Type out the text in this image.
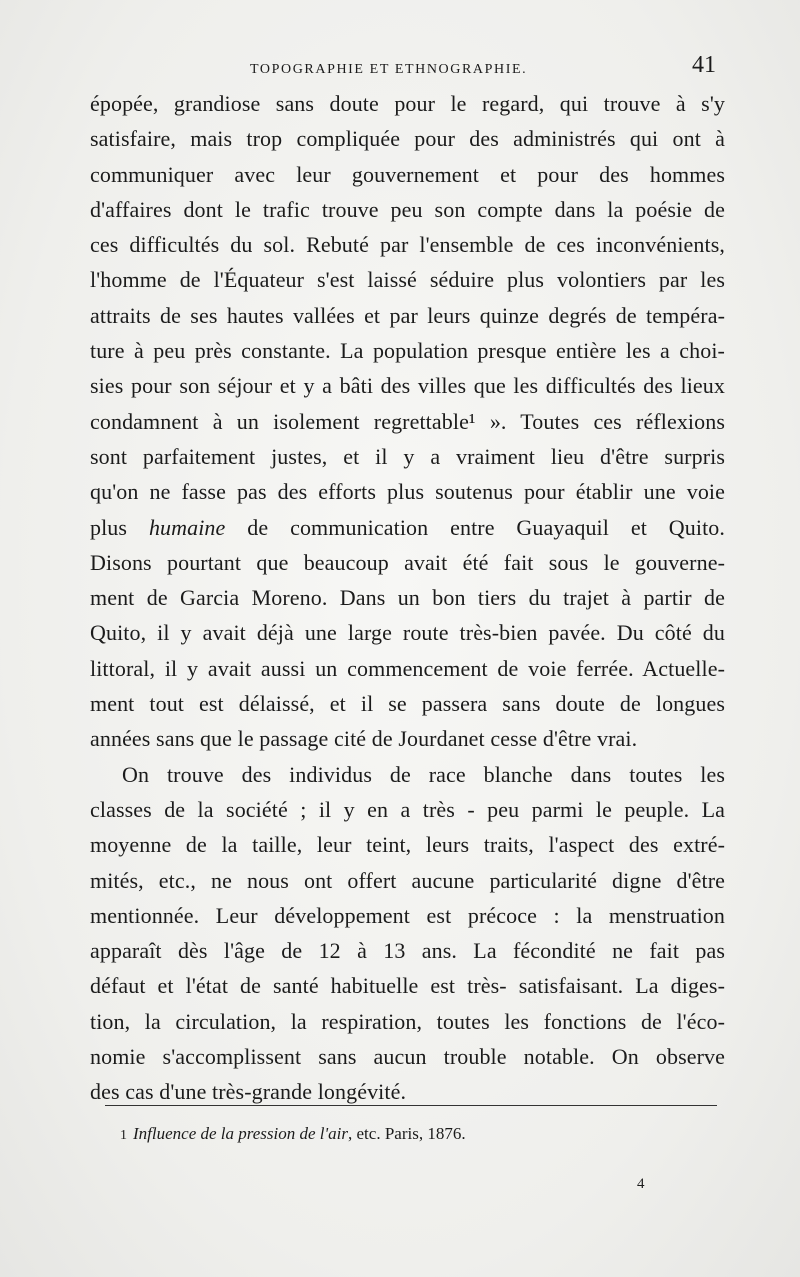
TOPOGRAPHIE ET ETHNOGRAPHIE.	41
épopée, grandiose sans doute pour le regard, qui trouve à s'y
satisfaire, mais trop compliquée pour des administrés qui ont à
communiquer avec leur gouvernement et pour des hommes
d'affaires dont le trafic trouve peu son compte dans la poésie de
ces difficultés du sol. Rebuté par l'ensemble de ces inconvénients,
l'homme de l'Équateur s'est laissé séduire plus volontiers par les
attraits de ses hautes vallées et par leurs quinze degrés de tempéra-
ture à peu près constante. La population presque entière les a choi-
sies pour son séjour et y a bâti des villes que les difficultés des lieux
condamnent à un isolement regrettable¹ ». Toutes ces réflexions
sont parfaitement justes, et il y a vraiment lieu d'être surpris
qu'on ne fasse pas des efforts plus soutenus pour établir une voie
plus humaine de communication entre Guayaquil et Quito.
Disons pourtant que beaucoup avait été fait sous le gouverne-
ment de Garcia Moreno. Dans un bon tiers du trajet à partir de
Quito, il y avait déjà une large route très-bien pavée. Du côté du
littoral, il y avait aussi un commencement de voie ferrée. Actuelle-
ment tout est délaissé, et il se passera sans doute de longues
années sans que le passage cité de Jourdanet cesse d'être vrai.
On trouve des individus de race blanche dans toutes les
classes de la société ; il y en a très - peu parmi le peuple. La
moyenne de la taille, leur teint, leurs traits, l'aspect des extré-
mités, etc., ne nous ont offert aucune particularité digne d'être
mentionnée. Leur développement est précoce : la menstruation
apparaît dès l'âge de 12 à 13 ans. La fécondité ne fait pas
défaut et l'état de santé habituelle est très- satisfaisant. La diges-
tion, la circulation, la respiration, toutes les fonctions de l'éco-
nomie s'accomplissent sans aucun trouble notable. On observe
des cas d'une très-grande longévité.
1 Influence de la pression de l'air, etc. Paris, 1876.
4
